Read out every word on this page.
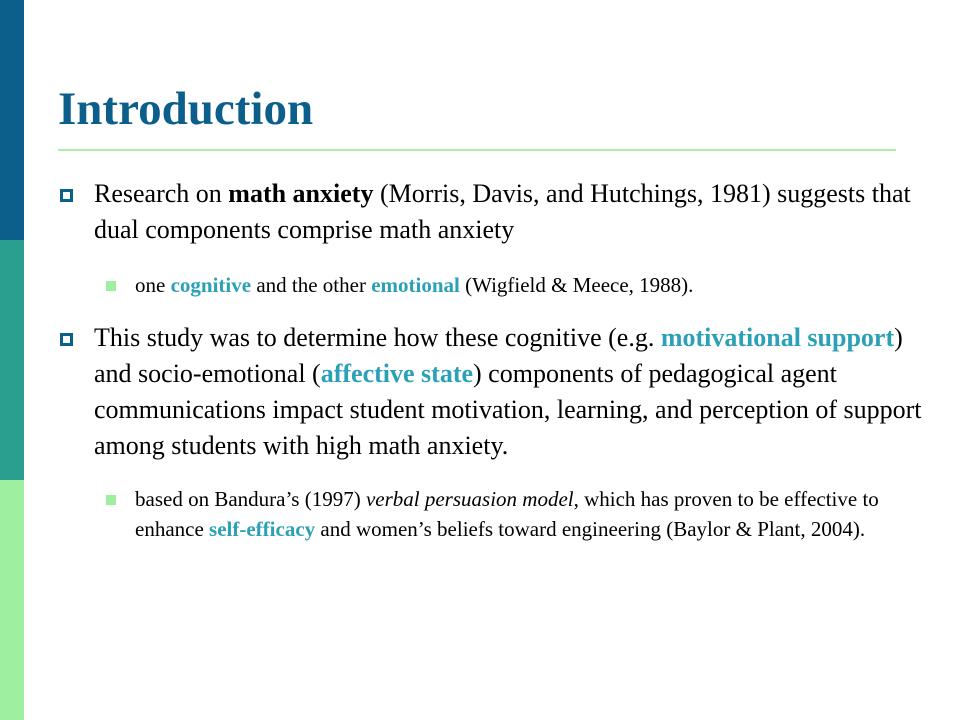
Introduction
Research on math anxiety (Morris, Davis, and Hutchings, 1981) suggests that dual components comprise math anxiety
one cognitive and the other emotional (Wigfield & Meece, 1988).
This study was to determine how these cognitive (e.g. motivational support) and socio-emotional (affective state) components of pedagogical agent communications impact student motivation, learning, and perception of support among students with high math anxiety.
based on Bandura’s (1997) verbal persuasion model, which has proven to be effective to enhance self-efficacy and women’s beliefs toward engineering (Baylor & Plant, 2004).
